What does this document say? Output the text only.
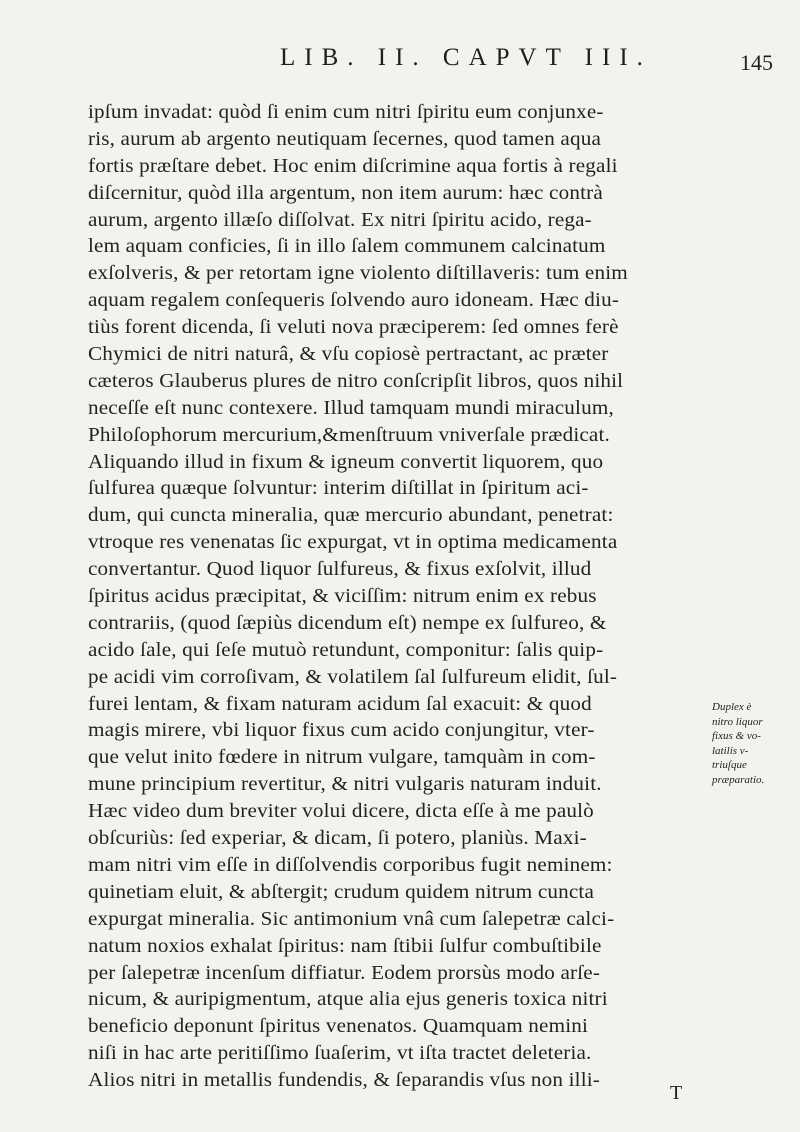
LIB. II. CAPVT III.	145
ipſum invadat: quòd ſi enim cum nitri ſpiritu eum conjunxe-
ris, aurum ab argento neutiquam ſecernes, quod tamen aqua
fortis præſtare debet. Hoc enim diſcrimine aqua fortis à regali
diſcernitur, quòd illa argentum, non item aurum: hæc contrà
aurum, argento illæſo diſſolvat. Ex nitri ſpiritu acido, rega-
lem aquam conficies, ſi in illo ſalem communem calcinatum
exſolveris, & per retortam igne violento diſtillaveris: tum enim
aquam regalem conſequeris ſolvendo auro idoneam. Hæc diu-
tiùs forent dicenda, ſi veluti nova præciperem: ſed omnes ferè
Chymici de nitri naturâ, & vſu copiosè pertractant, ac præter
cæteros Glauberus plures de nitro conſcripſit libros, quos nihil
neceſſe eſt nunc contexere. Illud tamquam mundi miraculum,
Philoſophorum mercurium,&menſtruum vniverſale prædicat.
Aliquando illud in fixum & igneum convertit liquorem, quo
ſulfurea quæque ſolvuntur: interim diſtillat in ſpiritum aci-
dum, qui cuncta mineralia, quæ mercurio abundant, penetrat:
vtroque res venenatas ſic expurgat, vt in optima medicamenta
convertantur. Quod liquor ſulfureus, & fixus exſolvit, illud
ſpiritus acidus præcipitat, & viciſſim: nitrum enim ex rebus
contrariis, (quod ſæpiùs dicendum eſt) nempe ex ſulfureo, &
acido ſale, qui ſeſe mutuò retundunt, componitur: ſalis quip-
pe acidi vim corroſivam, & volatilem ſal ſulfureum elidit, ſul-
furei lentam, & fixam naturam acidum ſal exacuit: & quod
magis mirere, vbi liquor fixus cum acido conjungitur, vter-
que velut inito fœdere in nitrum vulgare, tamquàm in com-
mune principium revertitur, & nitri vulgaris naturam induit.
Hæc video dum breviter volui dicere, dicta eſſe à me paulò
obſcuriùs: ſed experiar, & dicam, ſi potero, planiùs. Maxi-
mam nitri vim eſſe in diſſolvendis corporibus fugit neminem:
quinetiam eluit, & abſtergit; crudum quidem nitrum cuncta
expurgat mineralia. Sic antimonium vnâ cum ſalepetræ calci-
natum noxios exhalat ſpiritus: nam ſtibii ſulfur combuſtibile
per ſalepetræ incenſum diffiatur. Eodem prorsùs modo arſe-
nicum, & auripigmentum, atque alia ejus generis toxica nitri
beneficio deponunt ſpiritus venenatos. Quamquam nemini
niſi in hac arte peritiſſimo ſuaſerim, vt iſta tractet deleteria.
Alios nitri in metallis fundendis, & ſeparandis vſus non illi-
Duplex è
nitro liquor
fixus & vo-
latilis v-
triuſque
præparatio.
T
